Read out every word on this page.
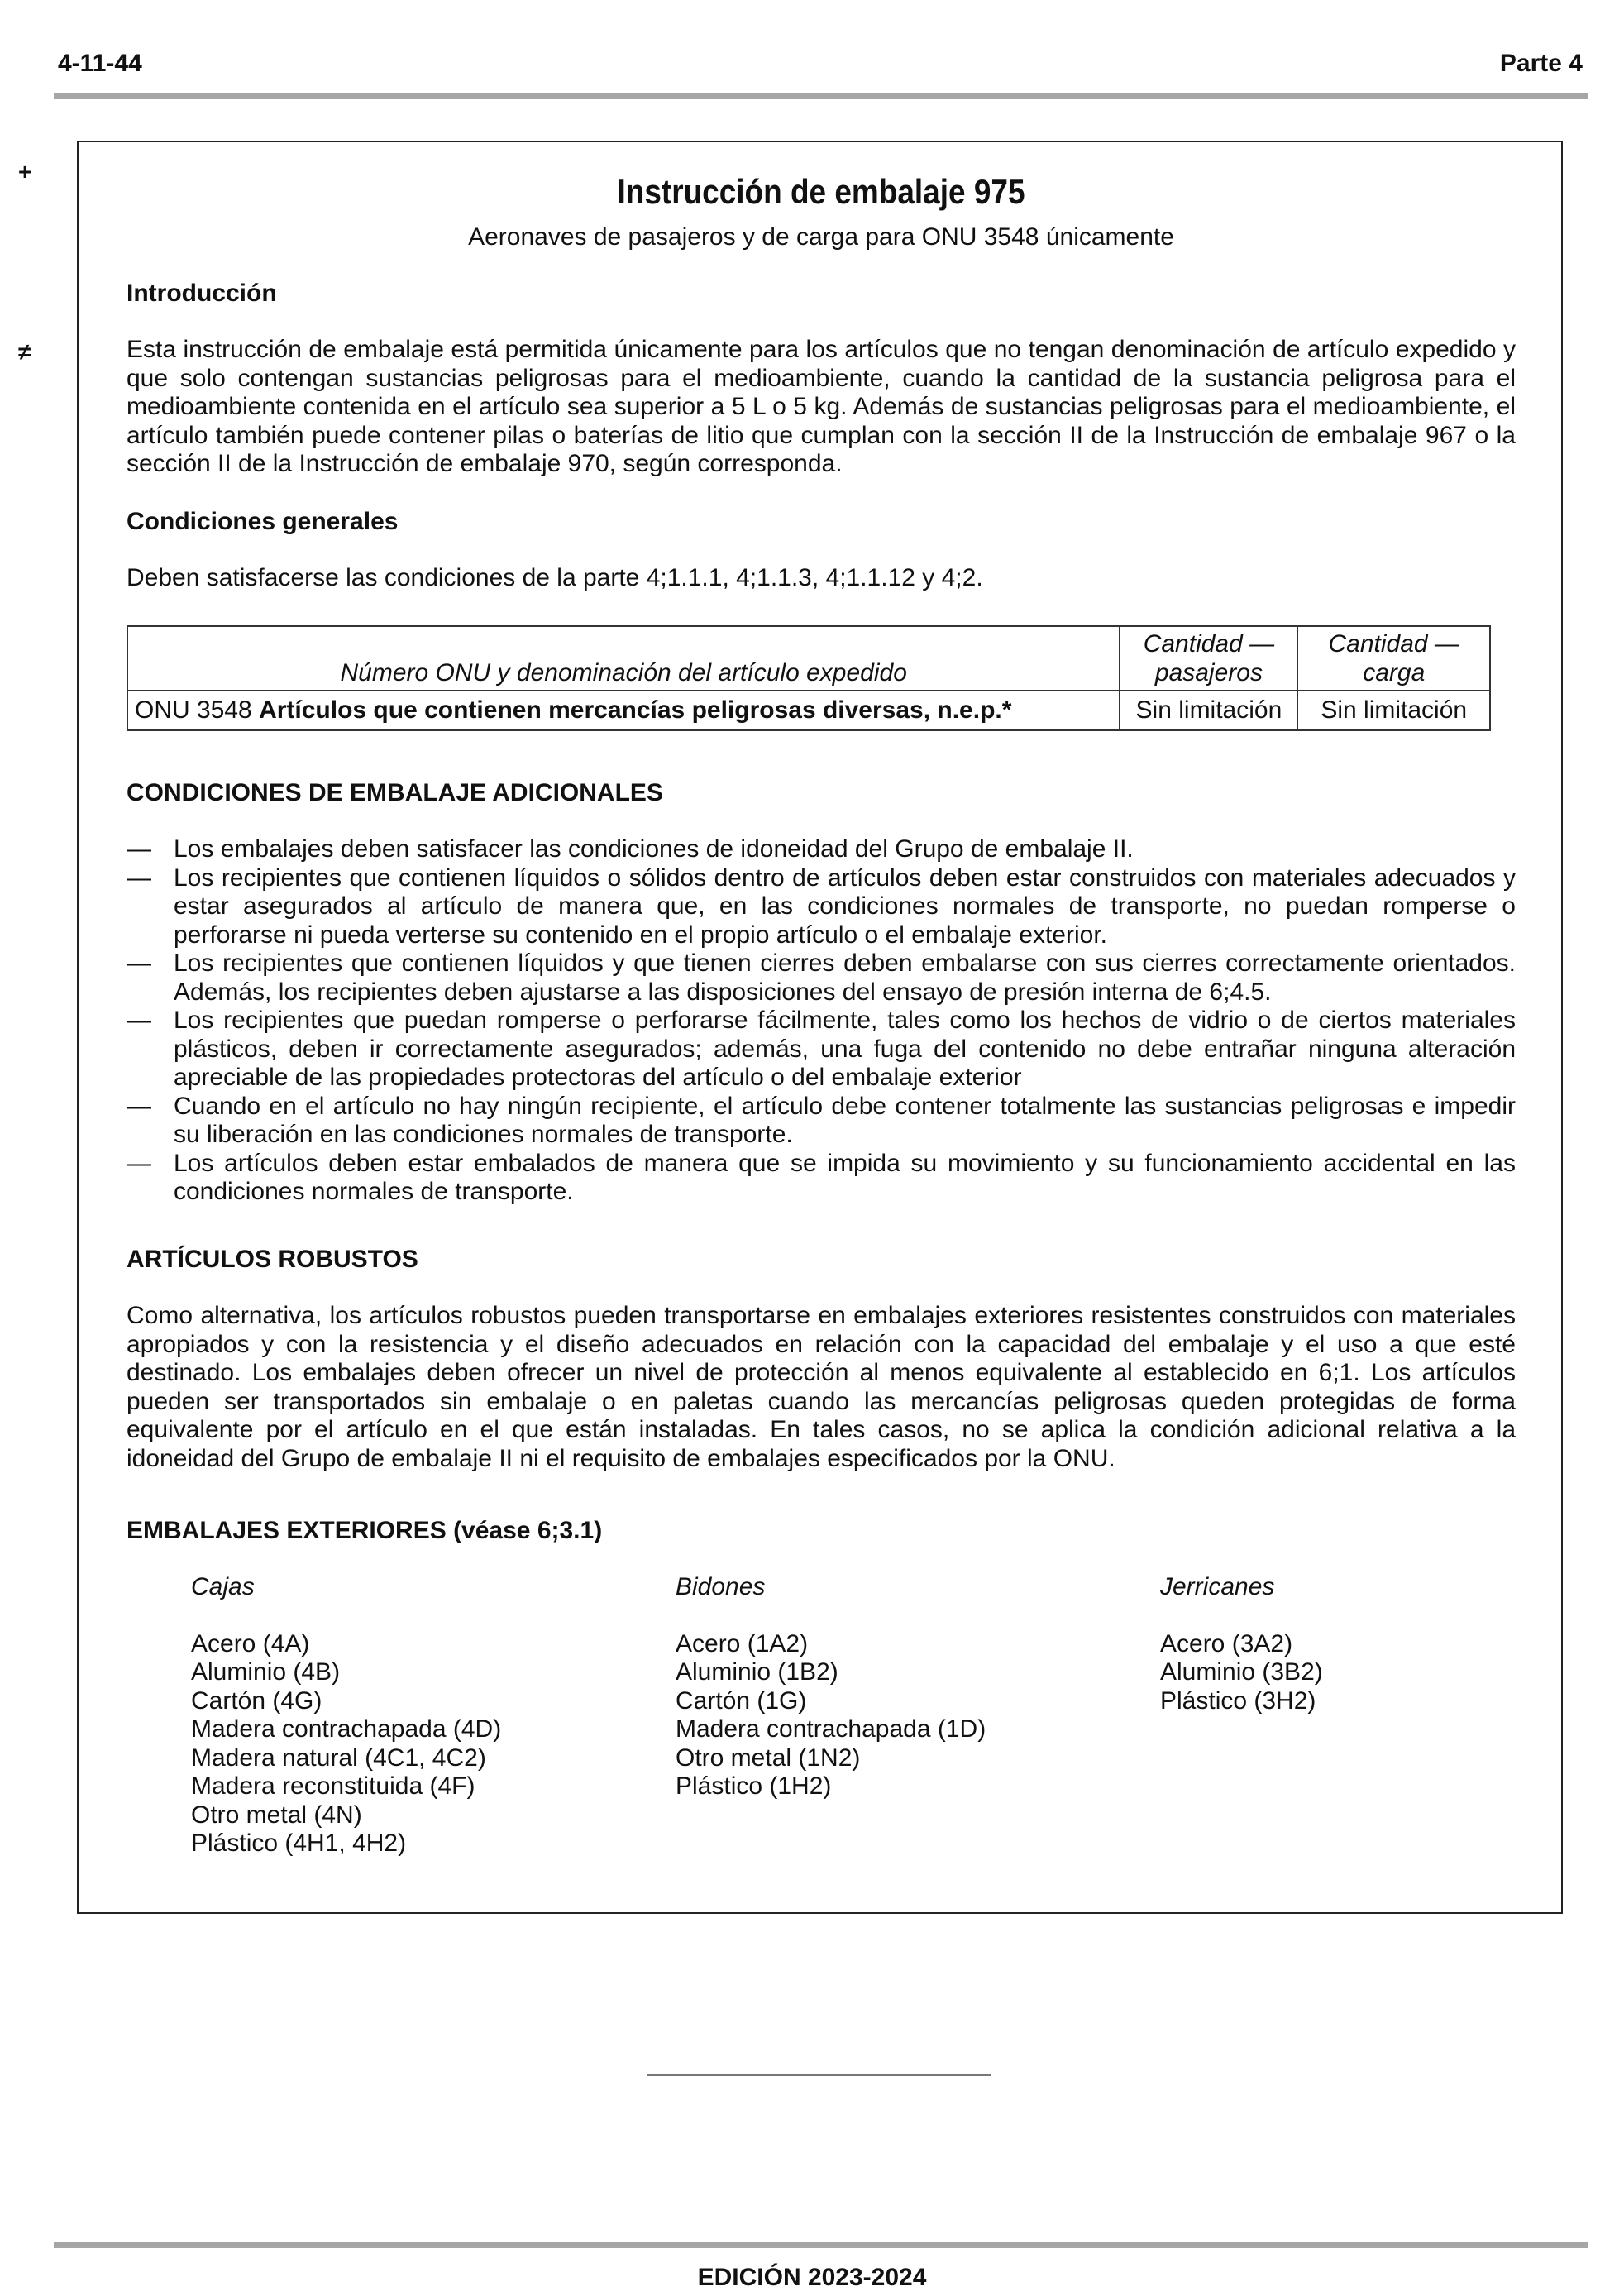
4-11-44	Parte 4

+

≠

Instrucción de embalaje 975

Aeronaves de pasajeros y de carga para ONU 3548 únicamente

Introducción

Esta instrucción de embalaje está permitida únicamente para los artículos que no tengan denominación de artículo expedido y que solo contengan sustancias peligrosas para el medioambiente, cuando la cantidad de la sustancia peligrosa para el medioambiente contenida en el artículo sea superior a 5 L o 5 kg. Además de sustancias peligrosas para el medioambiente, el artículo también puede contener pilas o baterías de litio que cumplan con la sección II de la Instrucción de embalaje 967 o la sección II de la Instrucción de embalaje 970, según corresponda.

Condiciones generales

Deben satisfacerse las condiciones de la parte 4;1.1.1, 4;1.1.3, 4;1.1.12 y 4;2.

Número ONU y denominación del artículo expedido	Cantidad — pasajeros	Cantidad — carga
ONU 3548 Artículos que contienen mercancías peligrosas diversas, n.e.p.*	Sin limitación	Sin limitación

CONDICIONES DE EMBALAJE ADICIONALES

— Los embalajes deben satisfacer las condiciones de idoneidad del Grupo de embalaje II.
— Los recipientes que contienen líquidos o sólidos dentro de artículos deben estar construidos con materiales adecuados y estar asegurados al artículo de manera que, en las condiciones normales de transporte, no puedan romperse o perforarse ni pueda verterse su contenido en el propio artículo o el embalaje exterior.
— Los recipientes que contienen líquidos y que tienen cierres deben embalarse con sus cierres correctamente orientados. Además, los recipientes deben ajustarse a las disposiciones del ensayo de presión interna de 6;4.5.
— Los recipientes que puedan romperse o perforarse fácilmente, tales como los hechos de vidrio o de ciertos materiales plásticos, deben ir correctamente asegurados; además, una fuga del contenido no debe entrañar ninguna alteración apreciable de las propiedades protectoras del artículo o del embalaje exterior
— Cuando en el artículo no hay ningún recipiente, el artículo debe contener totalmente las sustancias peligrosas e impedir su liberación en las condiciones normales de transporte.
— Los artículos deben estar embalados de manera que se impida su movimiento y su funcionamiento accidental en las condiciones normales de transporte.

ARTÍCULOS ROBUSTOS

Como alternativa, los artículos robustos pueden transportarse en embalajes exteriores resistentes construidos con materiales apropiados y con la resistencia y el diseño adecuados en relación con la capacidad del embalaje y el uso a que esté destinado. Los embalajes deben ofrecer un nivel de protección al menos equivalente al establecido en 6;1. Los artículos pueden ser transportados sin embalaje o en paletas cuando las mercancías peligrosas queden protegidas de forma equivalente por el artículo en el que están instaladas. En tales casos, no se aplica la condición adicional relativa a la idoneidad del Grupo de embalaje II ni el requisito de embalajes especificados por la ONU.

EMBALAJES EXTERIORES (véase 6;3.1)

Cajas

Acero (4A)
Aluminio (4B)
Cartón (4G)
Madera contrachapada (4D)
Madera natural (4C1, 4C2)
Madera reconstituida (4F)
Otro metal (4N)
Plástico (4H1, 4H2)

Bidones

Acero (1A2)
Aluminio (1B2)
Cartón (1G)
Madera contrachapada (1D)
Otro metal (1N2)
Plástico (1H2)

Jerricanes

Acero (3A2)
Aluminio (3B2)
Plástico (3H2)

EDICIÓN 2023-2024
